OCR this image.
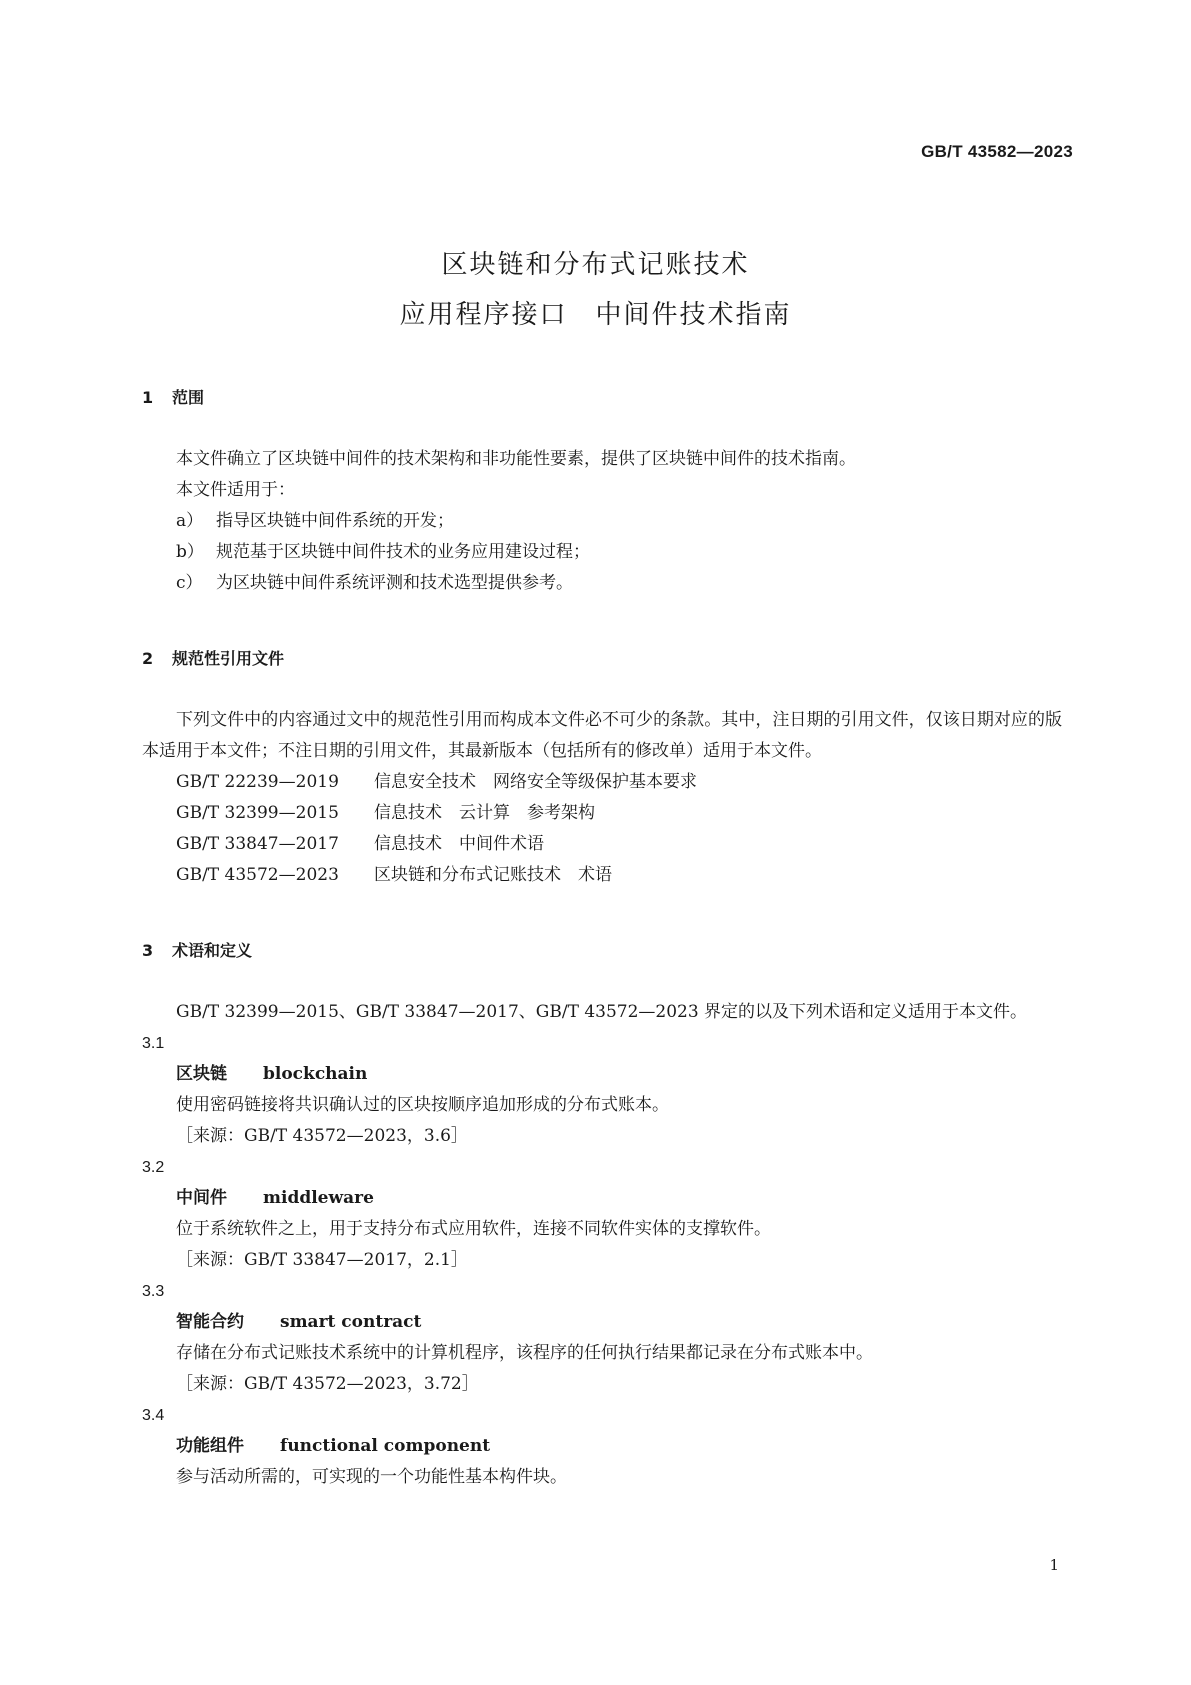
GB/T 43582—2023
区块链和分布式记账技术
应用程序接口　中间件技术指南

1 范围

本文件确立了区块链中间件的技术架构和非功能性要素，提供了区块链中间件的技术指南。

本文件适用于：

a） 指导区块链中间件系统的开发；

b） 规范基于区块链中间件技术的业务应用建设过程；

c） 为区块链中间件系统评测和技术选型提供参考。

2 规范性引用文件

下列文件中的内容通过文中的规范性引用而构成本文件必不可少的条款。其中，注日期的引用文件，仅该日期对应的版本适用于本文件；不注日期的引用文件，其最新版本（包括所有的修改单）适用于本文件。

GB/T 22239—2019 信息安全技术　网络安全等级保护基本要求

GB/T 32399—2015 信息技术　云计算　参考架构

GB/T 33847—2017 信息技术　中间件术语

GB/T 43572—2023 区块链和分布式记账技术　术语

3 术语和定义

GB/T 32399—2015、GB/T 33847—2017、GB/T 43572—2023 界定的以及下列术语和定义适用于本文件。

3.1

区块链 blockchain

使用密码链接将共识确认过的区块按顺序追加形成的分布式账本。

［来源：GB/T 43572—2023，3.6］

3.2

中间件 middleware

位于系统软件之上，用于支持分布式应用软件，连接不同软件实体的支撑软件。

［来源：GB/T 33847—2017，2.1］

3.3

智能合约 smart contract

存储在分布式记账技术系统中的计算机程序，该程序的任何执行结果都记录在分布式账本中。

［来源：GB/T 43572—2023，3.72］

3.4

功能组件 functional component

参与活动所需的，可实现的一个功能性基本构件块。

1
